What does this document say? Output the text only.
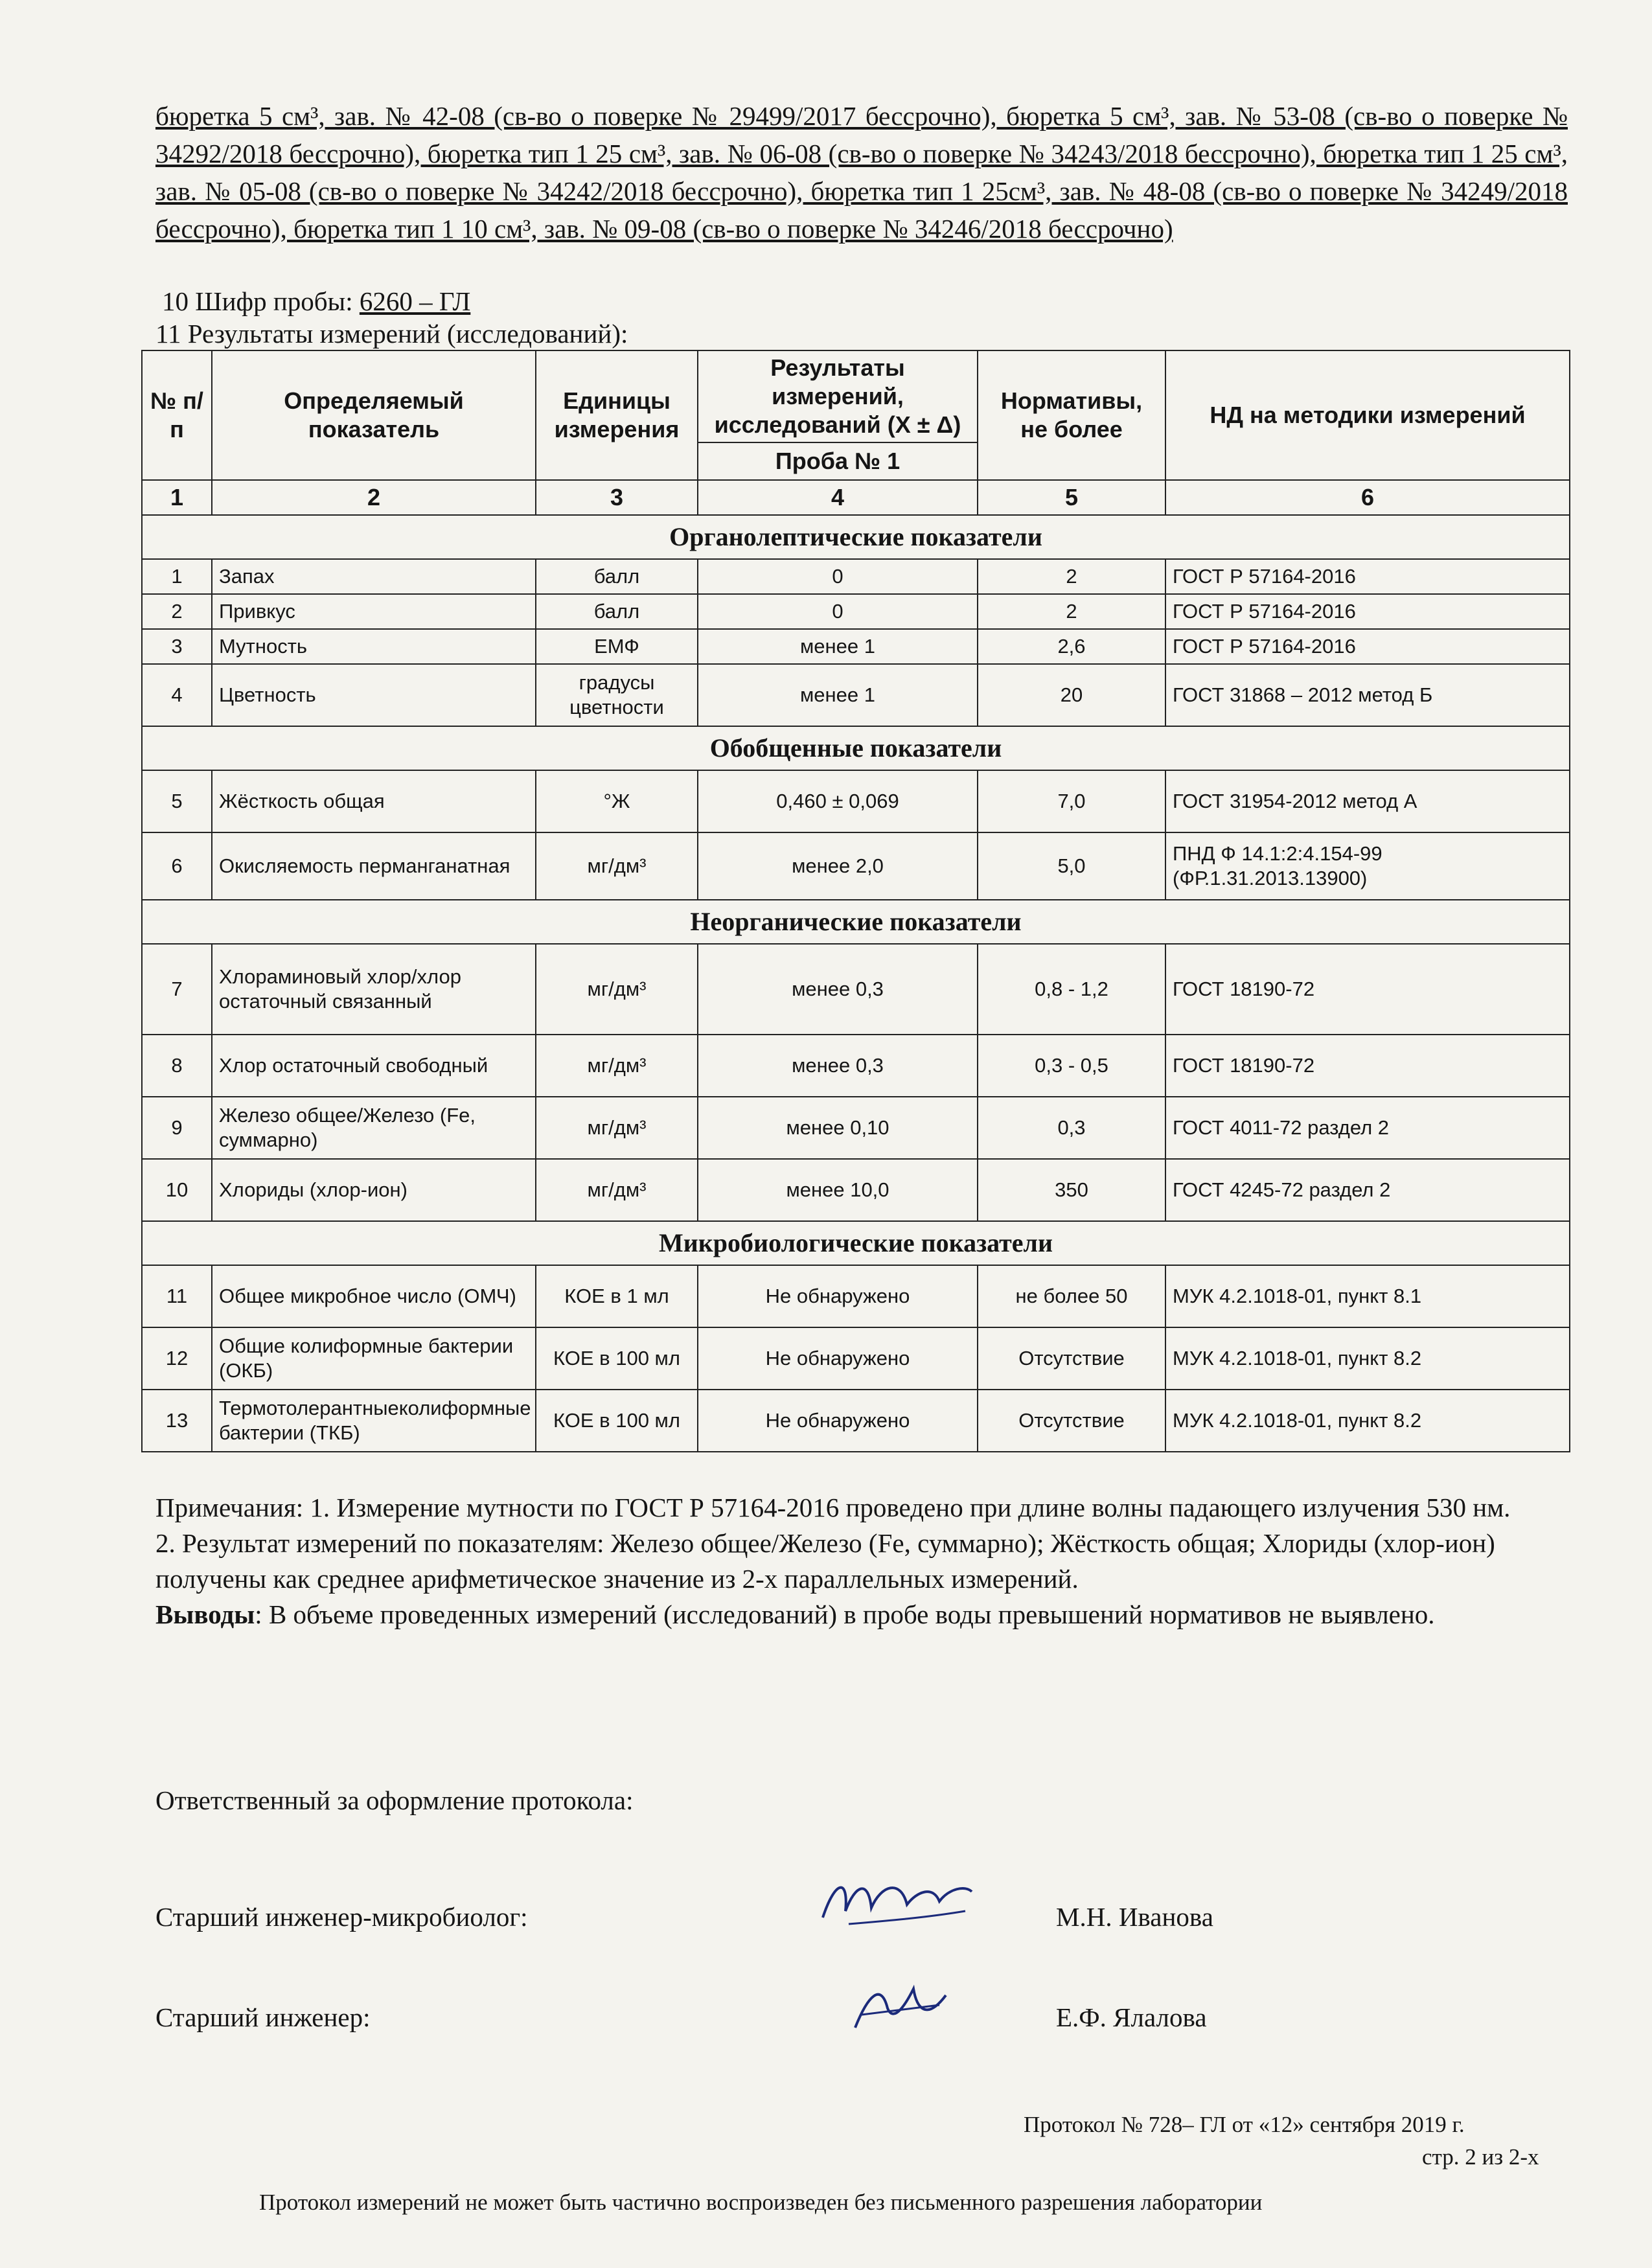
бюретка 5 см³, зав. № 42-08 (св-во о поверке № 29499/2017 бессрочно), бюретка 5 см³, зав. № 53-08 (св-во о поверке № 34292/2018 бессрочно), бюретка тип 1 25 см³, зав. № 06-08 (св-во о поверке № 34243/2018 бессрочно), бюретка тип 1 25 см³, зав. № 05-08 (св-во о поверке № 34242/2018 бессрочно), бюретка тип 1 25см³, зав. № 48-08 (св-во о поверке № 34249/2018 бессрочно), бюретка тип 1 10 см³, зав. № 09-08 (св-во о поверке № 34246/2018 бессрочно)
10 Шифр пробы: 6260 – ГЛ
11 Результаты измерений (исследований):
№ п/п	Определяемый показатель	Единицы измерения	Результаты измерений, исследований (X ± Δ)	Нормативы, не более	НД на методики измерений
			Проба № 1		
1	2	3	4	5	6
Органолептические показатели					
1	Запах	балл	0	2	ГОСТ Р 57164-2016
2	Привкус	балл	0	2	ГОСТ Р 57164-2016
3	Мутность	ЕМФ	менее 1	2,6	ГОСТ Р 57164-2016
4	Цветность	градусы цветности	менее 1	20	ГОСТ 31868 – 2012 метод Б
Обобщенные показатели					
5	Жёсткость общая	°Ж	0,460 ± 0,069	7,0	ГОСТ 31954-2012 метод А
6	Окисляемость перманганатная	мг/дм³	менее 2,0	5,0	ПНД Ф 14.1:2:4.154-99 (ФР.1.31.2013.13900)
Неорганические показатели					
7	Хлораминовый хлор/хлор остаточный связанный	мг/дм³	менее 0,3	0,8 - 1,2	ГОСТ 18190-72
8	Хлор остаточный свободный	мг/дм³	менее 0,3	0,3 - 0,5	ГОСТ 18190-72
9	Железо общее/Железо (Fe, суммарно)	мг/дм³	менее 0,10	0,3	ГОСТ 4011-72 раздел 2
10	Хлориды (хлор-ион)	мг/дм³	менее 10,0	350	ГОСТ 4245-72 раздел 2
Микробиологические показатели					
11	Общее микробное число (ОМЧ)	КОЕ в 1 мл	Не обнаружено	не более 50	МУК 4.2.1018-01, пункт 8.1
12	Общие колиформные бактерии (ОКБ)	КОЕ в 100 мл	Не обнаружено	Отсутствие	МУК 4.2.1018-01, пункт 8.2
13	Термотолерантныеколиформные бактерии (ТКБ)	КОЕ в 100 мл	Не обнаружено	Отсутствие	МУК 4.2.1018-01, пункт 8.2

Примечания: 1. Измерение мутности по ГОСТ Р 57164-2016 проведено при длине волны падающего излучения 530 нм.

2. Результат измерений по показателям: Железо общее/Железо (Fe, суммарно); Жёсткость общая; Хлориды (хлор-ион) получены как среднее арифметическое значение из 2-х параллельных измерений.

Выводы: В объеме проведенных измерений (исследований) в пробе воды превышений нормативов не выявлено.

Ответственный за оформление протокола:
Старший инженер-микробиолог:	М.Н. Иванова
Старший инженер:	Е.Ф. Ялалова
Протокол № 728– ГЛ от «12» сентября 2019 г.
стр. 2 из 2-х
Протокол измерений не может быть частично воспроизведен без письменного разрешения лаборатории
